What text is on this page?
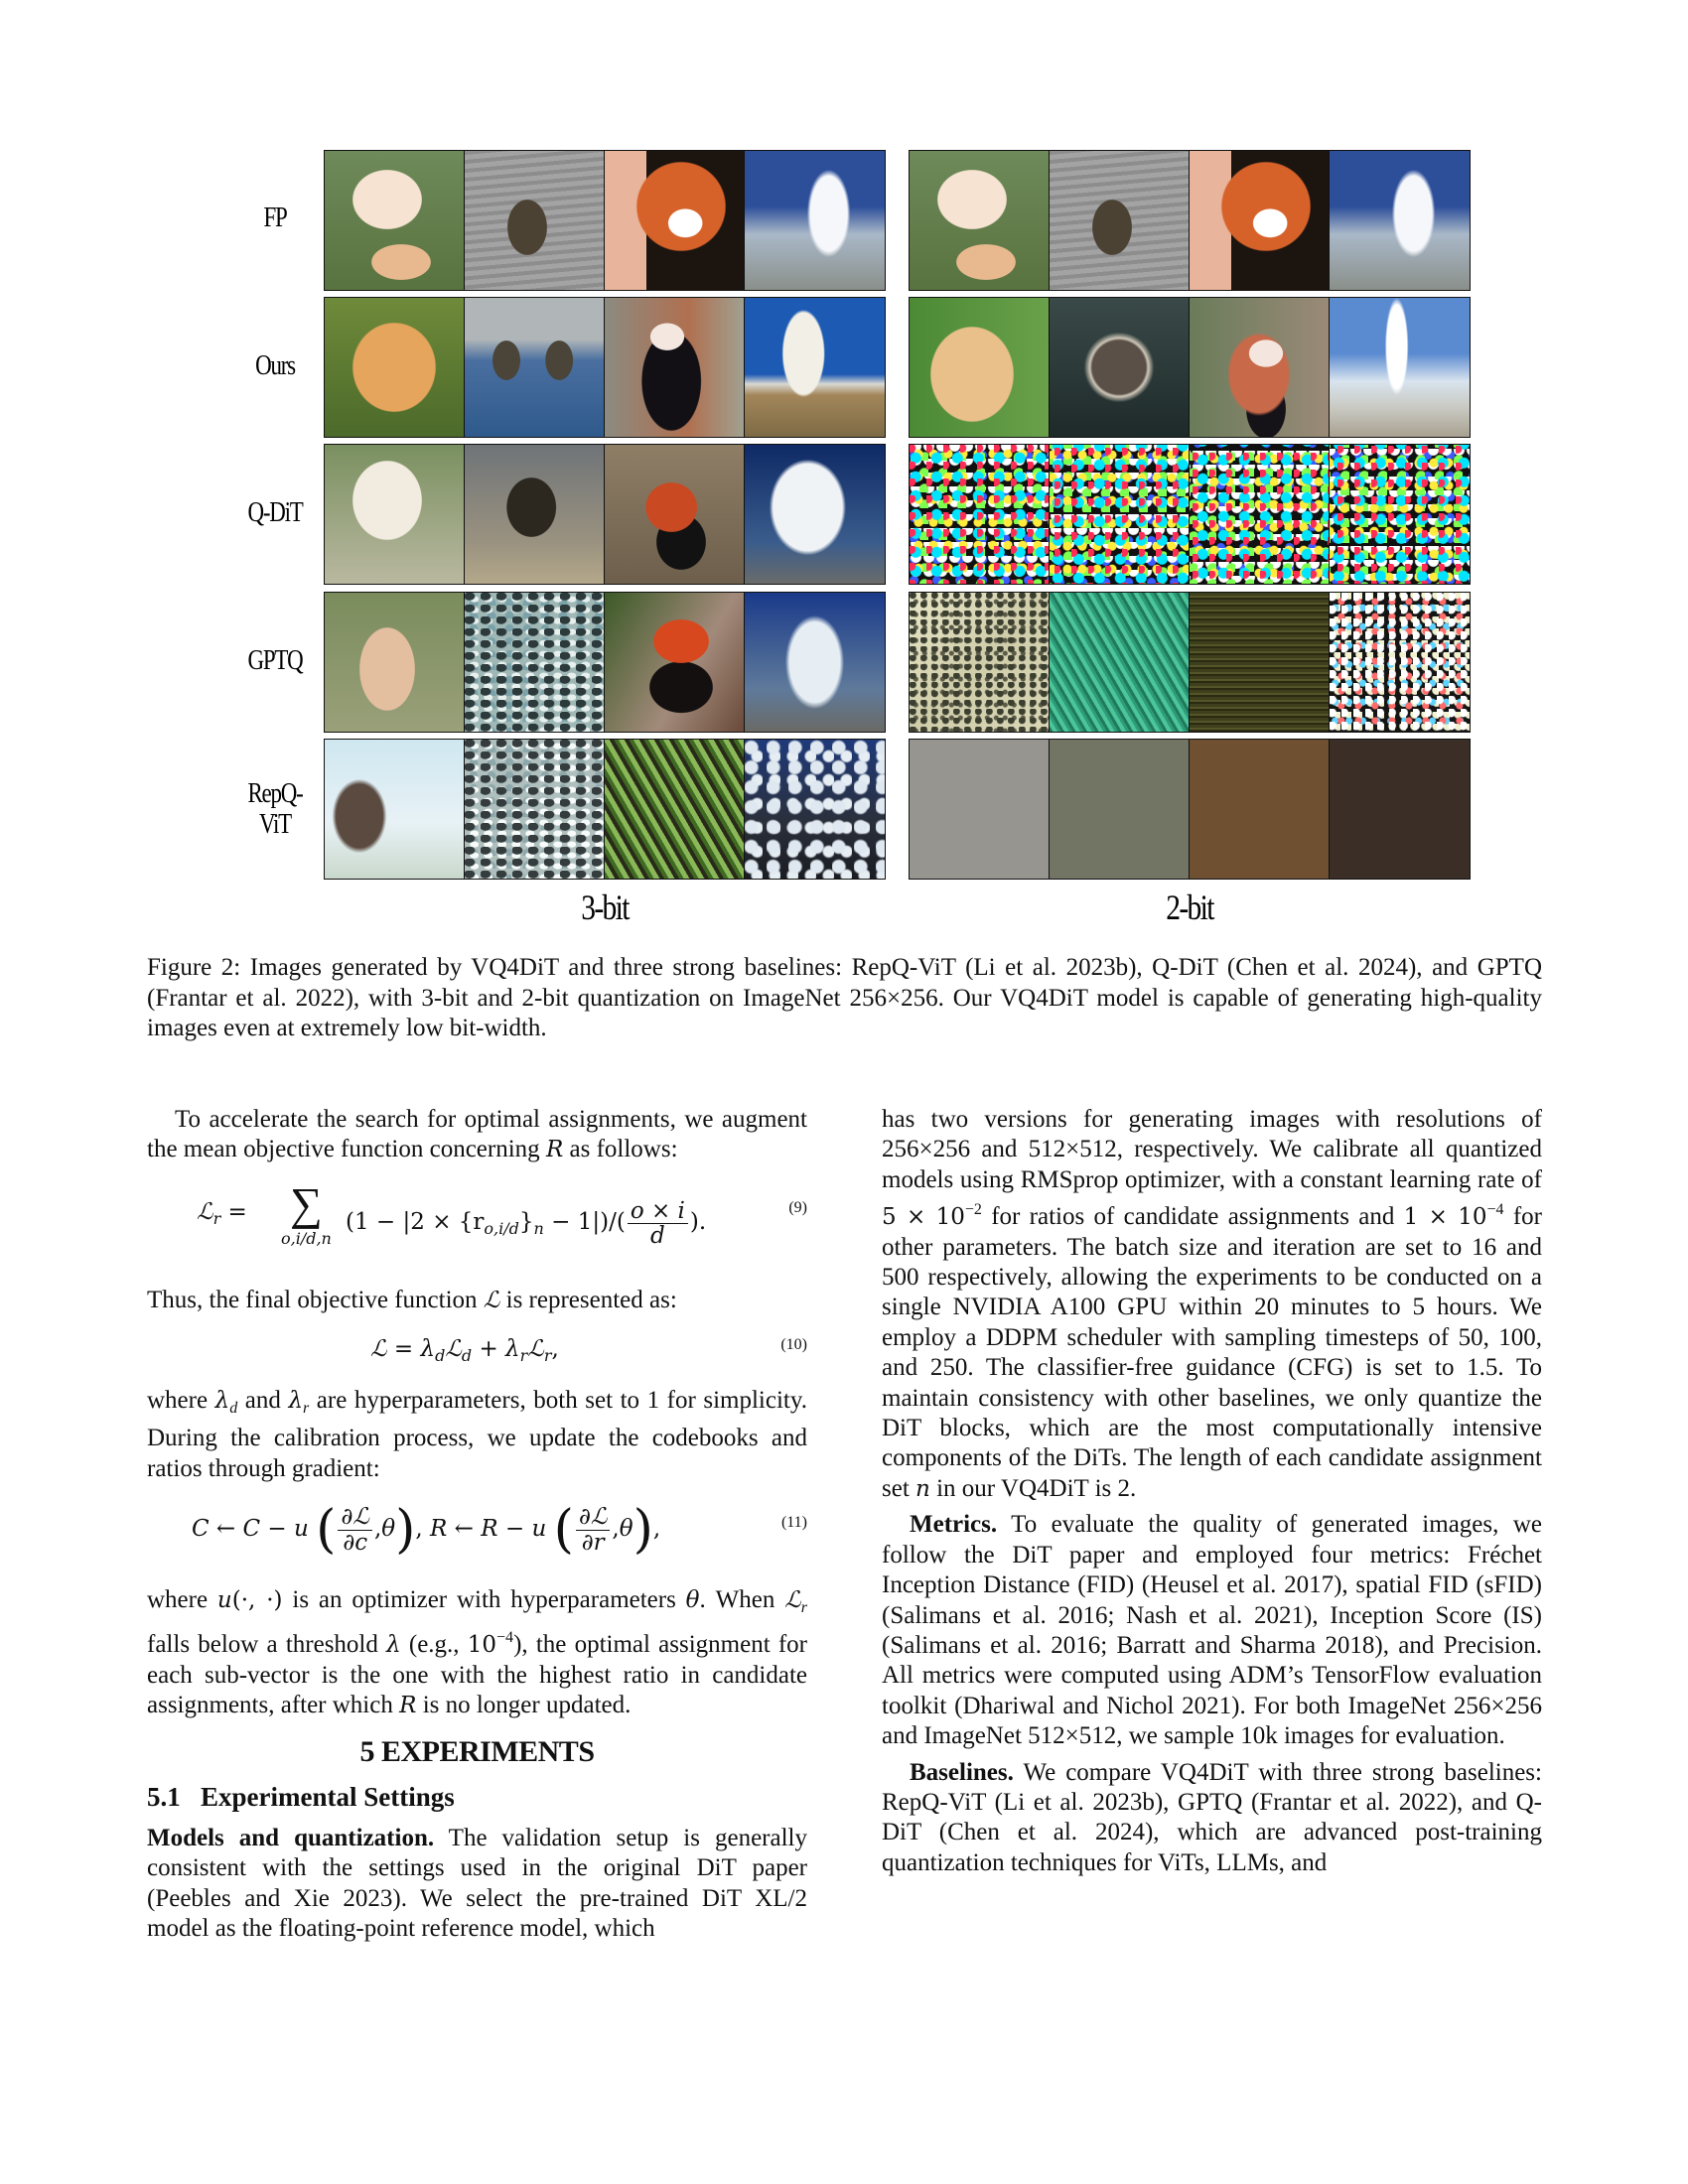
FP
Ours
Q-DiT
GPTQ
RepQ-
ViT
3-bit	2-bit
Figure 2: Images generated by VQ4DiT and three strong baselines: RepQ-ViT (Li et al. 2023b), Q-DiT (Chen et al. 2024), and GPTQ (Frantar et al. 2022), with 3-bit and 2-bit quantization on ImageNet 256×256. Our VQ4DiT model is capable of generating high-quality images even at extremely low bit-width.

To accelerate the search for optimal assignments, we augment the mean objective function concerning R as follows:

ℒ$_r$ = ∑
o,i/d,n
$(1 - |2 \times \{r_{o,i/d}\}_n - 1|)/( \frac{o \times i}{d}$ ).
(9)

Thus, the final objective function ℒ is represented as:

ℒ = $\lambda_dℒ_d$ + $\lambda_rℒ_r$,	(10)

where $\lambda_d$ and $\lambda_r$ are hyperparameters, both set to 1 for simplicity. During the calibration process, we update the codebooks and ratios through gradient:

C ← C − u ( $\frac{\text{∂ℒ}}{\partial c} ,\theta$), R ← R − u ( $\frac{\text{∂ℒ}}{\partial r} ,\theta$),	(11)

where u(·, ·) is an optimizer with hyperparameters θ. When ℒ$_r$ falls below a threshold λ (e.g., $10^{-4}$), the optimal assignment for each sub-vector is the one with the highest ratio in candidate assignments, after which R is no longer updated.

5 EXPERIMENTS
5.1   Experimental Settings

Models and quantization. The validation setup is generally consistent with the settings used in the original DiT paper (Peebles and Xie 2023). We select the pre-trained DiT XL/2 model as the floating-point reference model, which

has two versions for generating images with resolutions of 256×256 and 512×512, respectively. We calibrate all quantized models using RMSprop optimizer, with a constant learning rate of $5 \times 10^{-2}$ for ratios of candidate assignments and $1 \times 10^{-4}$ for other parameters. The batch size and iteration are set to 16 and 500 respectively, allowing the experiments to be conducted on a single NVIDIA A100 GPU within 20 minutes to 5 hours. We employ a DDPM scheduler with sampling timesteps of 50, 100, and 250. The classifier-free guidance (CFG) is set to 1.5. To maintain consistency with other baselines, we only quantize the DiT blocks, which are the most computationally intensive components of the DiTs. The length of each candidate assignment set n in our VQ4DiT is 2.

Metrics. To evaluate the quality of generated images, we follow the DiT paper and employed four metrics: Fréchet Inception Distance (FID) (Heusel et al. 2017), spatial FID (sFID) (Salimans et al. 2016; Nash et al. 2021), Inception Score (IS) (Salimans et al. 2016; Barratt and Sharma 2018), and Precision. All metrics were computed using ADM’s TensorFlow evaluation toolkit (Dhariwal and Nichol 2021). For both ImageNet 256×256 and ImageNet 512×512, we sample 10k images for evaluation.

Baselines. We compare VQ4DiT with three strong baselines: RepQ-ViT (Li et al. 2023b), GPTQ (Frantar et al. 2022), and Q-DiT (Chen et al. 2024), which are advanced post-training quantization techniques for ViTs, LLMs, and
